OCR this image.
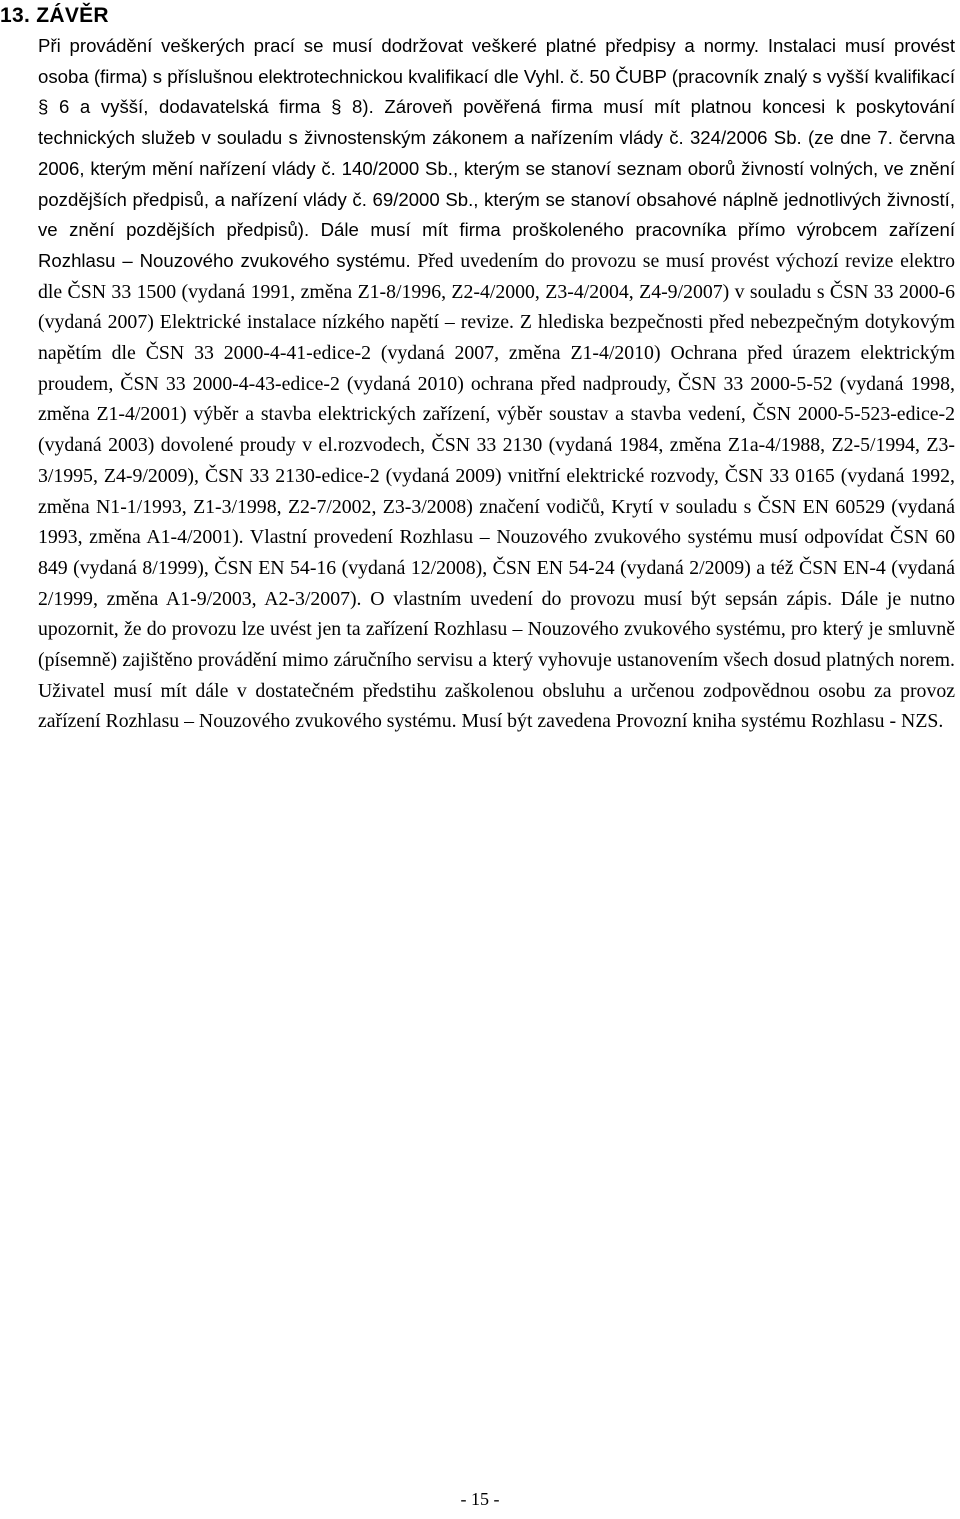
13. ZÁVĚR

Při provádění veškerých prací se musí dodržovat veškeré platné předpisy a normy. Instalaci musí provést osoba (firma) s příslušnou elektrotechnickou kvalifikací dle Vyhl. č. 50 ČUBP (pracovník znalý s vyšší kvalifikací § 6 a vyšší, dodavatelská firma § 8). Zároveň pověřená firma musí mít platnou koncesi k poskytování technických služeb v souladu s živnostenským zákonem a nařízením vlády č. 324/2006 Sb. (ze dne 7. června 2006, kterým mění nařízení vlády č. 140/2000 Sb., kterým se stanoví seznam oborů živností volných, ve znění pozdějších předpisů, a nařízení vlády č. 69/2000 Sb., kterým se stanoví obsahové náplně jednotlivých živností, ve znění pozdějších předpisů). Dále musí mít firma proškoleného pracovníka přímo výrobcem zařízení Rozhlasu – Nouzového zvukového systému. Před uvedením do provozu se musí provést výchozí revize elektro dle ČSN 33 1500 (vydaná 1991, změna Z1-8/1996, Z2-4/2000, Z3-4/2004, Z4-9/2007) v souladu s ČSN 33 2000-6 (vydaná 2007) Elektrické instalace nízkého napětí – revize. Z hlediska bezpečnosti před nebezpečným dotykovým napětím dle ČSN 33 2000-4-41-edice-2 (vydaná 2007, změna Z1-4/2010) Ochrana před úrazem elektrickým proudem, ČSN 33 2000-4-43-edice-2 (vydaná 2010) ochrana před nadproudy, ČSN 33 2000-5-52 (vydaná 1998, změna Z1-4/2001) výběr a stavba elektrických zařízení, výběr soustav a stavba vedení, ČSN 2000-5-523-edice-2 (vydaná 2003) dovolené proudy v el.rozvodech, ČSN 33 2130 (vydaná 1984, změna Z1a-4/1988, Z2-5/1994, Z3-3/1995, Z4-9/2009), ČSN 33 2130-edice-2 (vydaná 2009) vnitřní elektrické rozvody, ČSN 33 0165 (vydaná 1992, změna N1-1/1993, Z1-3/1998, Z2-7/2002, Z3-3/2008) značení vodičů, Krytí v souladu s ČSN EN 60529 (vydaná 1993, změna A1-4/2001). Vlastní provedení Rozhlasu – Nouzového zvukového systému musí odpovídat ČSN 60 849 (vydaná 8/1999), ČSN EN 54-16 (vydaná 12/2008), ČSN EN 54-24 (vydaná 2/2009) a též ČSN EN-4 (vydaná 2/1999, změna A1-9/2003, A2-3/2007). O vlastním uvedení do provozu musí být sepsán zápis. Dále je nutno upozornit, že do provozu lze uvést jen ta zařízení Rozhlasu – Nouzového zvukového systému, pro který je smluvně (písemně) zajištěno provádění mimo záručního servisu a který vyhovuje ustanovením všech dosud platných norem. Uživatel musí mít dále v dostatečném předstihu zaškolenou obsluhu a určenou zodpovědnou osobu za provoz zařízení Rozhlasu – Nouzového zvukového systému. Musí být zavedena Provozní kniha systému Rozhlasu - NZS.

- 15 -
